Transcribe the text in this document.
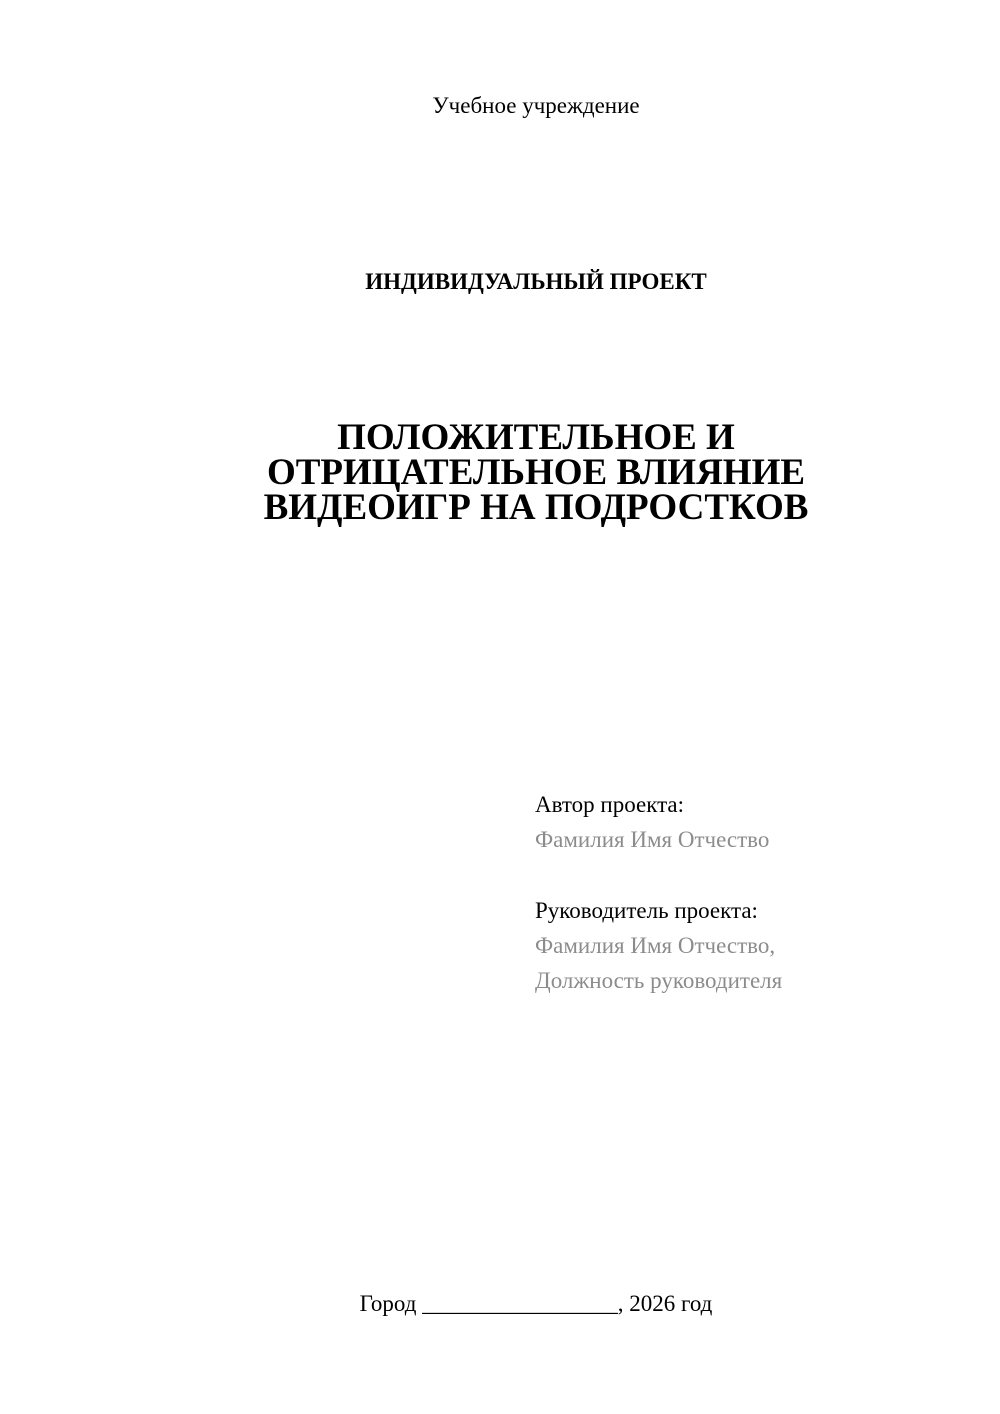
Учебное учреждение
ИНДИВИДУАЛЬНЫЙ ПРОЕКТ
ПОЛОЖИТЕЛЬНОЕ И
ОТРИЦАТЕЛЬНОЕ ВЛИЯНИЕ
ВИДЕОИГР НА ПОДРОСТКОВ
Автор проекта:
Фамилия Имя Отчество
Руководитель проекта:
Фамилия Имя Отчество,
Должность руководителя
Город _________________, 2026 год
